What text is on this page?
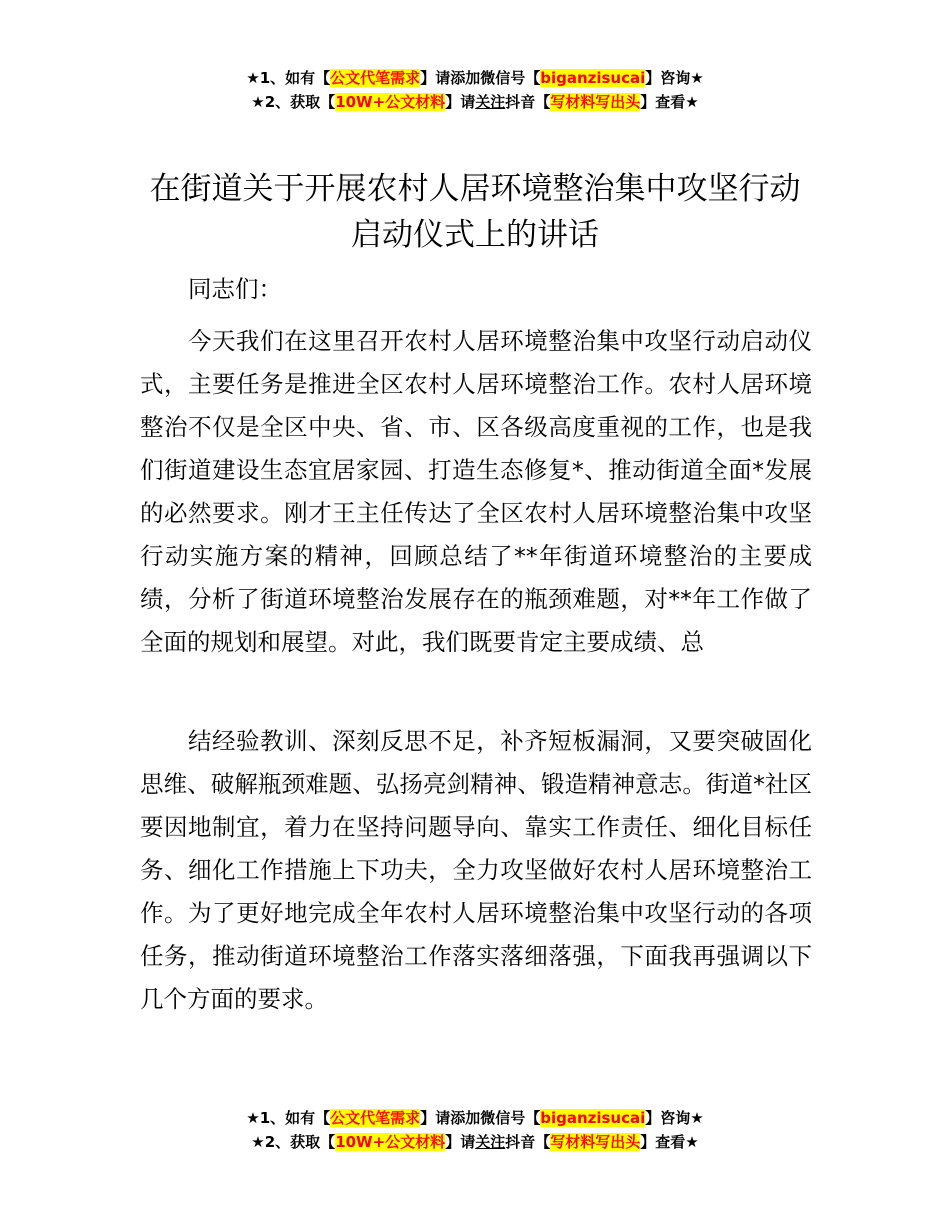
★1、如有【公文代笔需求】请添加微信号【biganzisucai】咨询★
★2、获取【10W+公文材料】请关注抖音【写材料写出头】查看★
在街道关于开展农村人居环境整治集中攻坚行动启动仪式上的讲话

同志们：

今天我们在这里召开农村人居环境整治集中攻坚行动启动仪式，主要任务是推进全区农村人居环境整治工作。农村人居环境整治不仅是全区中央、省、市、区各级高度重视的工作，也是我们街道建设生态宜居家园、打造生态修复*、推动街道全面*发展的必然要求。刚才王主任传达了全区农村人居环境整治集中攻坚行动实施方案的精神，回顾总结了**年街道环境整治的主要成绩，分析了街道环境整治发展存在的瓶颈难题，对**年工作做了全面的规划和展望。对此，我们既要肯定主要成绩、总

结经验教训、深刻反思不足，补齐短板漏洞，又要突破固化思维、破解瓶颈难题、弘扬亮剑精神、锻造精神意志。街道*社区要因地制宜，着力在坚持问题导向、靠实工作责任、细化目标任务、细化工作措施上下功夫，全力攻坚做好农村人居环境整治工作。为了更好地完成全年农村人居环境整治集中攻坚行动的各项任务，推动街道环境整治工作落实落细落强，下面我再强调以下几个方面的要求。

★1、如有【公文代笔需求】请添加微信号【biganzisucai】咨询★
★2、获取【10W+公文材料】请关注抖音【写材料写出头】查看★
